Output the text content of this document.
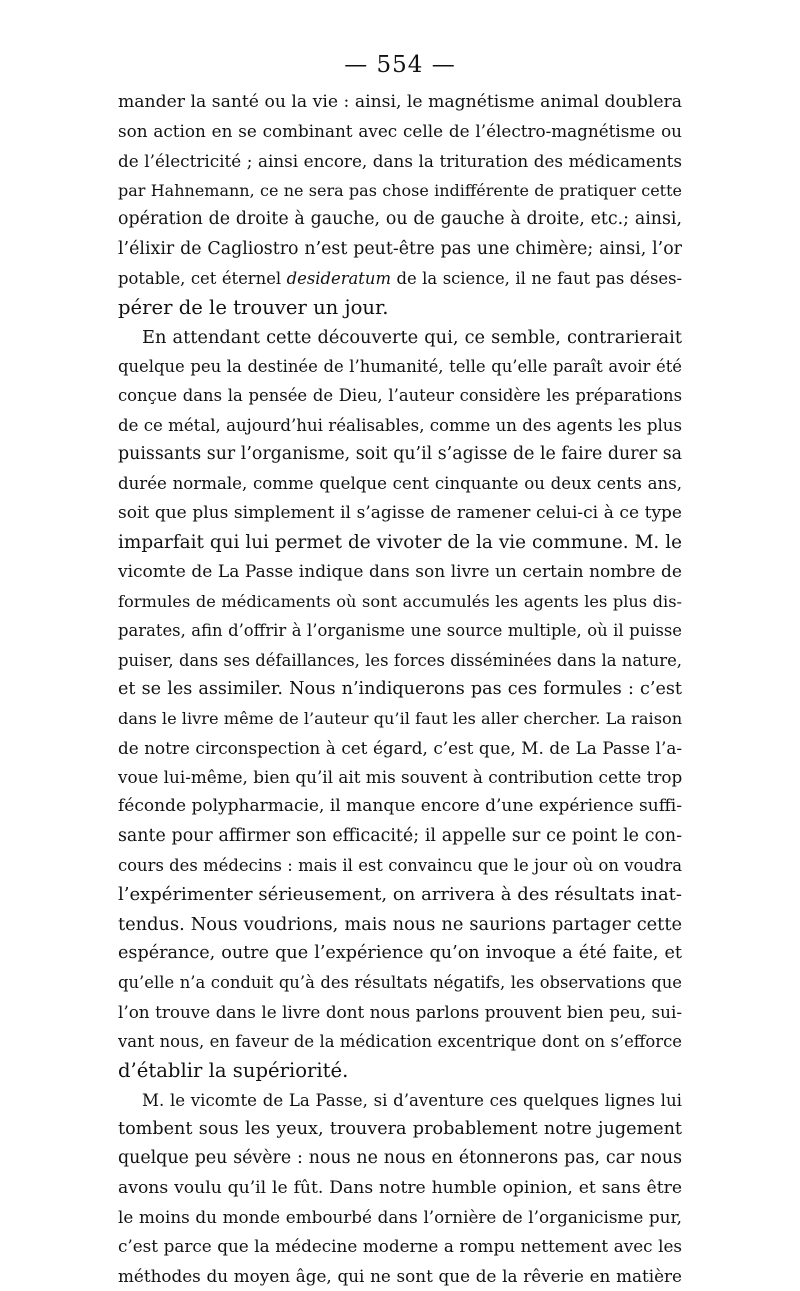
— 554 —
mander la santé ou la vie : ainsi, le magnétisme animal doublera
son action en se combinant avec celle de l’électro-magnétisme ou
de l’électricité ; ainsi encore, dans la trituration des médicaments
par Hahnemann, ce ne sera pas chose indifférente de pratiquer cette
opération de droite à gauche, ou de gauche à droite, etc.; ainsi,
l’élixir de Cagliostro n’est peut-être pas une chimère; ainsi, l’or
potable, cet éternel desideratum de la science, il ne faut pas déses-
pérer de le trouver un jour.
En attendant cette découverte qui, ce semble, contrarierait
quelque peu la destinée de l’humanité, telle qu’elle paraît avoir été
conçue dans la pensée de Dieu, l’auteur considère les préparations
de ce métal, aujourd’hui réalisables, comme un des agents les plus
puissants sur l’organisme, soit qu’il s’agisse de le faire durer sa
durée normale, comme quelque cent cinquante ou deux cents ans,
soit que plus simplement il s’agisse de ramener celui-ci à ce type
imparfait qui lui permet de vivoter de la vie commune. M. le
vicomte de La Passe indique dans son livre un certain nombre de
formules de médicaments où sont accumulés les agents les plus dis-
parates, afin d’offrir à l’organisme une source multiple, où il puisse
puiser, dans ses défaillances, les forces disséminées dans la nature,
et se les assimiler. Nous n’indiquerons pas ces formules : c’est
dans le livre même de l’auteur qu’il faut les aller chercher. La raison
de notre circonspection à cet égard, c’est que, M. de La Passe l’a-
voue lui-même, bien qu’il ait mis souvent à contribution cette trop
féconde polypharmacie, il manque encore d’une expérience suffi-
sante pour affirmer son efficacité; il appelle sur ce point le con-
cours des médecins : mais il est convaincu que le jour où on voudra
l’expérimenter sérieusement, on arrivera à des résultats inat-
tendus. Nous voudrions, mais nous ne saurions partager cette
espérance, outre que l’expérience qu’on invoque a été faite, et
qu’elle n’a conduit qu’à des résultats négatifs, les observations que
l’on trouve dans le livre dont nous parlons prouvent bien peu, sui-
vant nous, en faveur de la médication excentrique dont on s’efforce
d’établir la supériorité.
M. le vicomte de La Passe, si d’aventure ces quelques lignes lui
tombent sous les yeux, trouvera probablement notre jugement
quelque peu sévère : nous ne nous en étonnerons pas, car nous
avons voulu qu’il le fût. Dans notre humble opinion, et sans être
le moins du monde embourbé dans l’ornière de l’organicisme pur,
c’est parce que la médecine moderne a rompu nettement avec les
méthodes du moyen âge, qui ne sont que de la rêverie en matière
